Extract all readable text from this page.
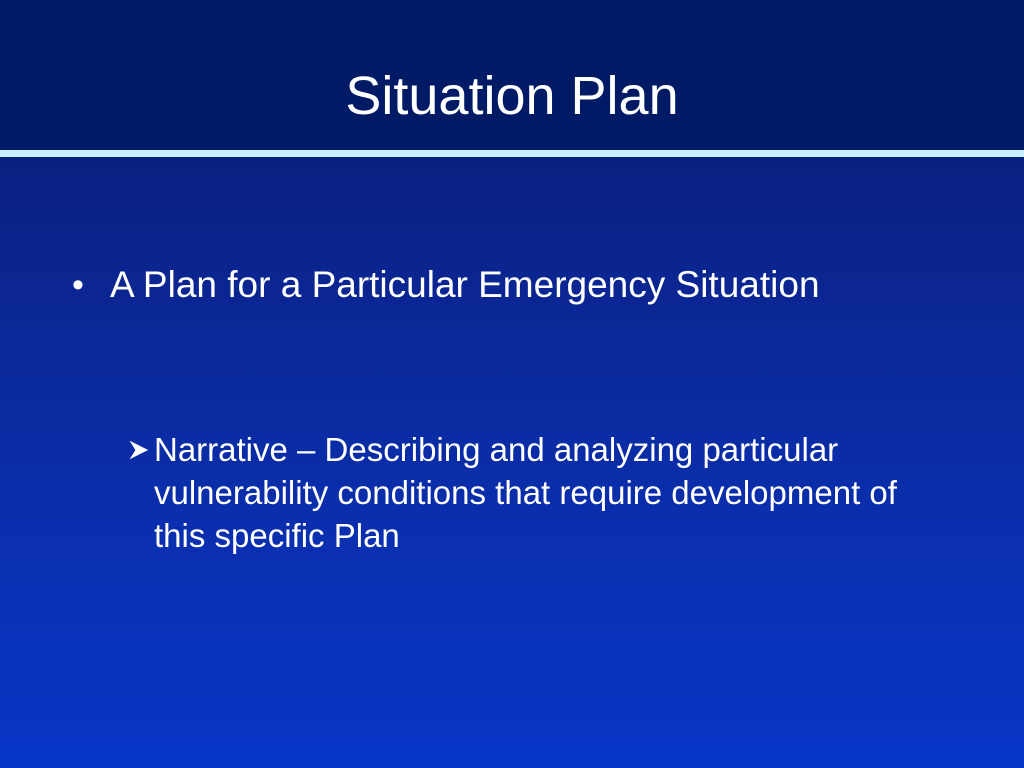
Situation Plan
• A Plan for a Particular Emergency Situation
Narrative – Describing and analyzing particular vulnerability conditions that require development of this specific Plan
